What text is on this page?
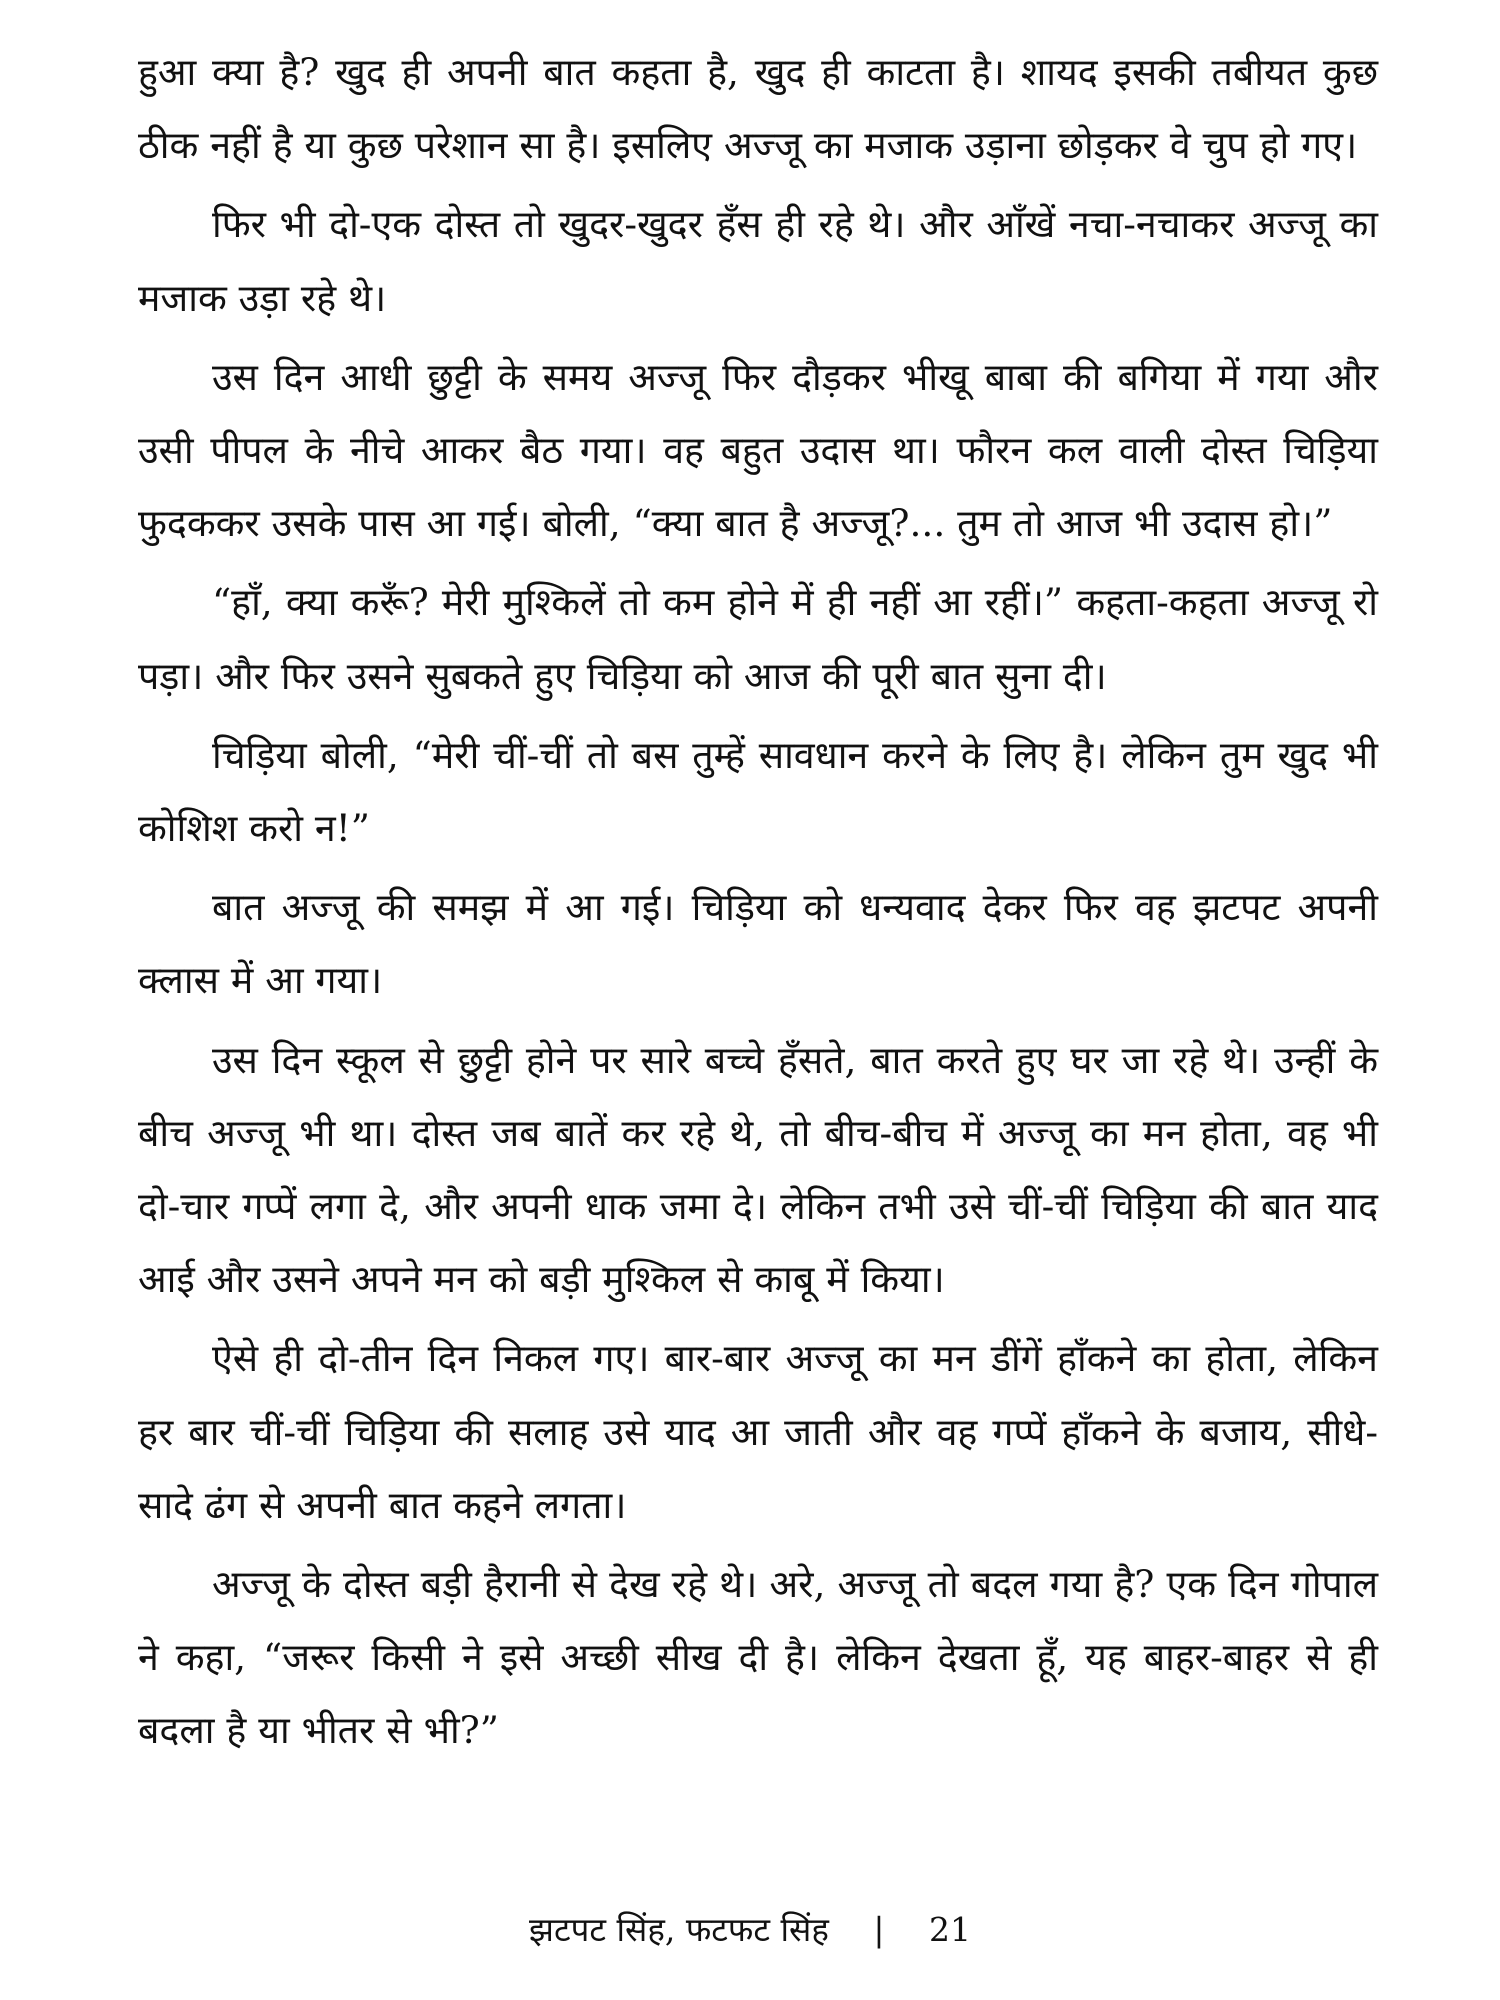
हुआ क्या है? खुद ही अपनी बात कहता है, खुद ही काटता है। शायद इसकी तबीयत कुछ ठीक नहीं है या कुछ परेशान सा है। इसलिए अज्जू का मजाक उड़ाना छोड़कर वे चुप हो गए।

फिर भी दो-एक दोस्त तो खुदर-खुदर हँस ही रहे थे। और आँखें नचा-नचाकर अज्जू का मजाक उड़ा रहे थे।

उस दिन आधी छुट्टी के समय अज्जू फिर दौड़कर भीखू बाबा की बगिया में गया और उसी पीपल के नीचे आकर बैठ गया। वह बहुत उदास था। फौरन कल वाली दोस्त चिड़िया फुदककर उसके पास आ गई। बोली, “क्या बात है अज्जू?... तुम तो आज भी उदास हो।”

“हाँ, क्या करूँ? मेरी मुश्किलें तो कम होने में ही नहीं आ रहीं।” कहता-कहता अज्जू रो पड़ा। और फिर उसने सुबकते हुए चिड़िया को आज की पूरी बात सुना दी।

चिड़िया बोली, “मेरी चीं-चीं तो बस तुम्हें सावधान करने के लिए है। लेकिन तुम खुद भी कोशिश करो न!”

बात अज्जू की समझ में आ गई। चिड़िया को धन्यवाद देकर फिर वह झटपट अपनी क्लास में आ गया।

उस दिन स्कूल से छुट्टी होने पर सारे बच्चे हँसते, बात करते हुए घर जा रहे थे। उन्हीं के बीच अज्जू भी था। दोस्त जब बातें कर रहे थे, तो बीच-बीच में अज्जू का मन होता, वह भी दो-चार गप्पें लगा दे, और अपनी धाक जमा दे। लेकिन तभी उसे चीं-चीं चिड़िया की बात याद आई और उसने अपने मन को बड़ी मुश्किल से काबू में किया।

ऐसे ही दो-तीन दिन निकल गए। बार-बार अज्जू का मन डींगें हाँकने का होता, लेकिन हर बार चीं-चीं चिड़िया की सलाह उसे याद आ जाती और वह गप्पें हाँकने के बजाय, सीधे-सादे ढंग से अपनी बात कहने लगता।

अज्जू के दोस्त बड़ी हैरानी से देख रहे थे। अरे, अज्जू तो बदल गया है? एक दिन गोपाल ने कहा, “जरूर किसी ने इसे अच्छी सीख दी है। लेकिन देखता हूँ, यह बाहर-बाहर से ही बदला है या भीतर से भी?”

झटपट सिंह, फटफट सिंह | 21
